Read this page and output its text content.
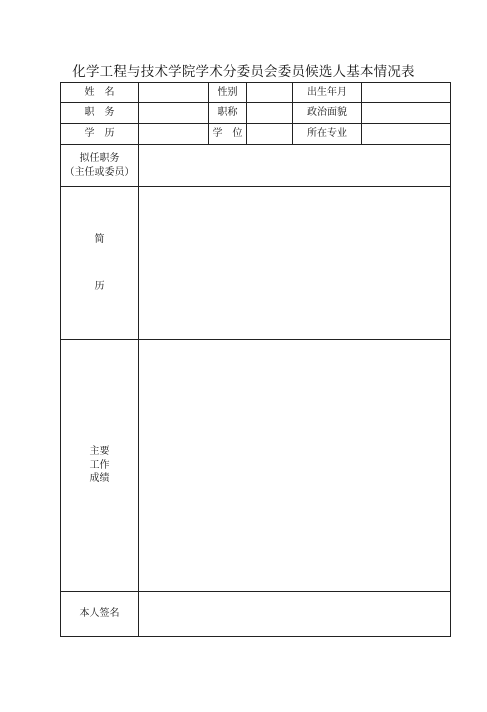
化学工程与技术学院学术分委员会委员候选人基本情况表
姓　名		性别		出生年月	
职　务		职称		政治面貌	
学　历		学　位		所在专业	

拟任职务
（主任或委员）					

简
历					

主要
工作
成绩					

本人签名					
